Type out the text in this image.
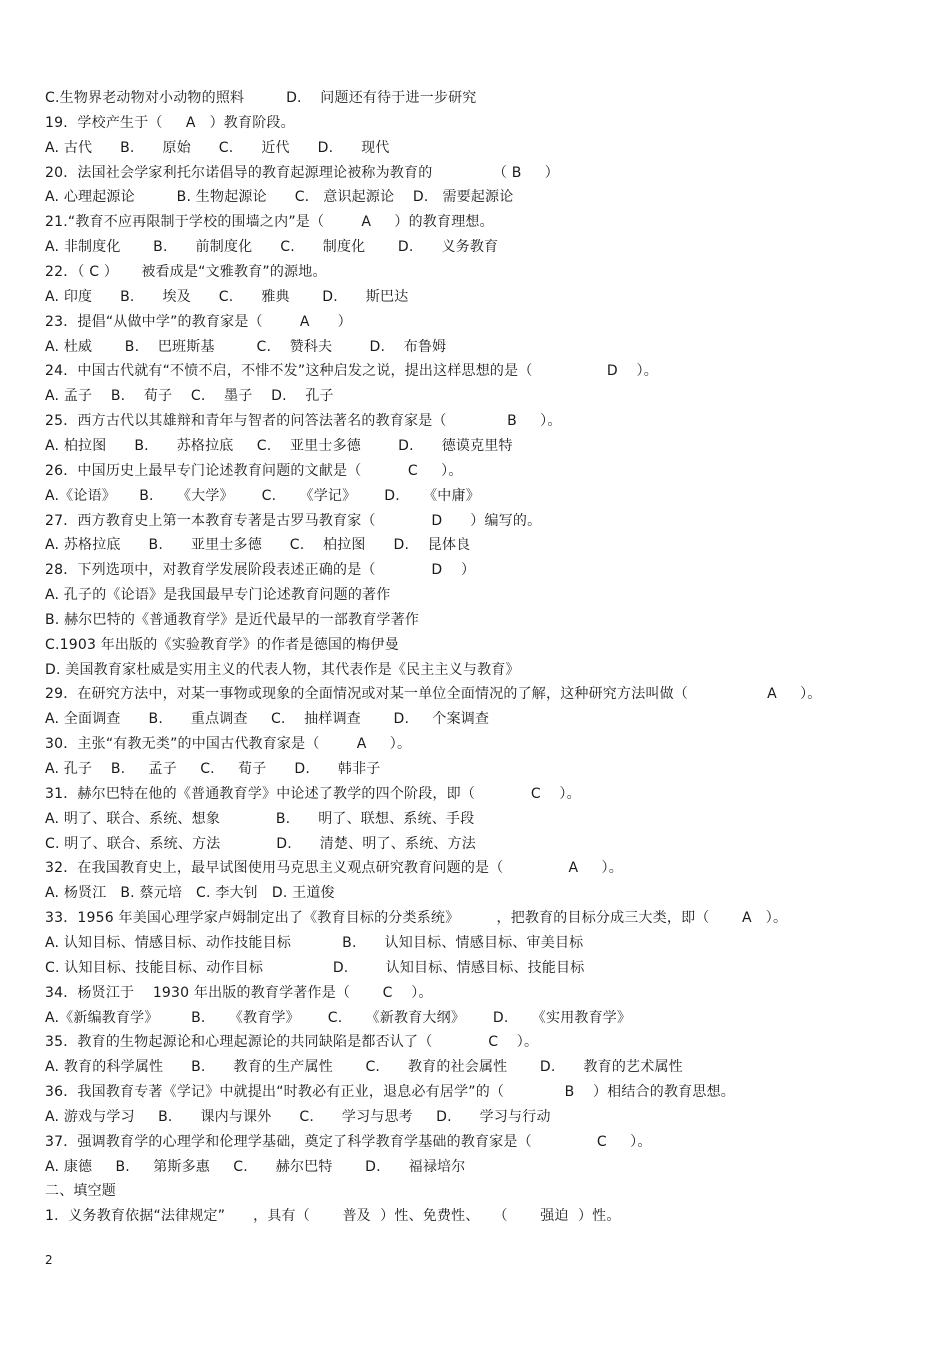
C.生物界老动物对小动物的照料         D.    问题还有待于进一步研究
19．学校产生于（     A   ）教育阶段。
A. 古代      B.      原始      C.      近代      D.      现代
20．法国社会学家利托尔诺倡导的教育起源理论被称为教育的             （ B     ）
A. 心理起源论         B. 生物起源论      C.   意识起源论    D.   需要起源论
21.“教育不应再限制于学校的围墙之内”是（        A     ）的教育理想。
A. 非制度化       B.      前制度化      C.      制度化       D.      义务教育
22．（ C ）     被看成是“文雅教育”的源地。
A. 印度      B.      埃及      C.      雅典       D.      斯巴达
23．提倡“从做中学”的教育家是（        A      ）
A. 杜威       B.    巴班斯基         C.    赞科夫        D.    布鲁姆
24．中国古代就有“不愤不启，不悱不发”这种启发之说，提出这样思想的是（                D    ）。
A. 孟子    B.    荀子    C.    墨子    D.    孔子
25．西方古代以其雄辩和青年与智者的问答法著名的教育家是（             B     ）。
A. 柏拉图      B.      苏格拉底     C.    亚里士多德        D.      德谟克里特
26．中国历史上最早专门论述教育问题的文献是（          C     ）。
A.《论语》     B.     《大学》      C.     《学记》      D.     《中庸》
27．西方教育史上第一本教育专著是古罗马教育家（            D      ）编写的。
A. 苏格拉底      B.      亚里士多德      C.    柏拉图      D.    昆体良
28．下列选项中，对教育学发展阶段表述正确的是（            D    ）
A. 孔子的《论语》是我国最早专门论述教育问题的著作
B. 赫尔巴特的《普通教育学》是近代最早的一部教育学著作
C.1903 年出版的《实验教育学》的作者是德国的梅伊曼
D. 美国教育家杜威是实用主义的代表人物，其代表作是《民主主义与教育》
29．在研究方法中，对某一事物或现象的全面情况或对某一单位全面情况的了解，这种研究方法叫做（                 A     ）。
A. 全面调查      B.      重点调查     C.    抽样调查       D.     个案调查
30．主张“有教无类”的中国古代教育家是（        A     ）。
A. 孔子    B.     孟子     C.     荀子      D.      韩非子
31．赫尔巴特在他的《普通教育学》中论述了教学的四个阶段，即（            C    ）。
A. 明了、联合、系统、想象            B.      明了、联想、系统、手段
C. 明了、联合、系统、方法            D.      清楚、明了、系统、方法
32．在我国教育史上，最早试图使用马克思主义观点研究教育问题的是（              A     ）。
A. 杨贤江   B. 蔡元培   C. 李大钊   D. 王道俊
33．1956 年美国心理学家卢姆制定出了《教育目标的分类系统》        ，把教育的目标分成三大类，即（       A   ）。
A. 认知目标、情感目标、动作技能目标           B.      认知目标、情感目标、审美目标
C. 认知目标、技能目标、动作目标               D.        认知目标、情感目标、技能目标
34．杨贤江于    1930 年出版的教育学著作是（       C    ）。
A.《新编教育学》       B.     《教育学》      C.     《新教育大纲》      D.     《实用教育学》
35．教育的生物起源论和心理起源论的共同缺陷是都否认了（            C    ）。
A. 教育的科学属性      B.      教育的生产属性       C.      教育的社会属性       D.      教育的艺术属性
36．我国教育专著《学记》中就提出“时教必有正业，退息必有居学”的（             B    ）相结合的教育思想。
A. 游戏与学习     B.      课内与课外      C.      学习与思考     D.      学习与行动
37．强调教育学的心理学和伦理学基础，奠定了科学教育学基础的教育家是（              C     ）。
A. 康德     B.     第斯多惠     C.      赫尔巴特       D.      福禄培尔
二、填空题
1．义务教育依据“法律规定”      ，具有（       普及  ）性、免费性、   （       强迫  ）性。
2
